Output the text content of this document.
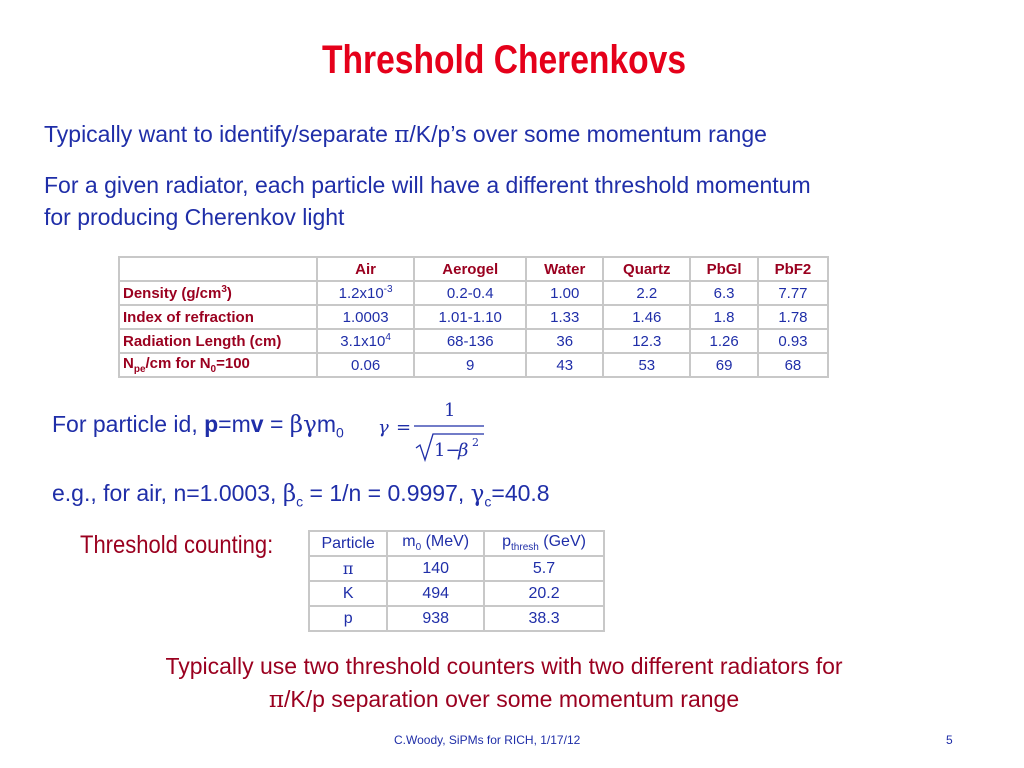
Threshold Cherenkovs
Typically want to identify/separate π/K/p’s over some momentum range
For a given radiator, each particle will have a different threshold momentum
for producing Cherenkov light
	Air	Aerogel	Water	Quartz	PbGl	PbF2
Density $(g/cm^3)$	$1.2x10^{-3}$	0.2-0.4	1.00	2.2	6.3	7.77
Index of refraction	1.0003	1.01-1.10	1.33	1.46	1.8	1.78
Radiation Length (cm)	$3.1x10^4$	68-136	36	12.3	1.26	0.93
$N_{pe}/cm$ for $N_0=100$	0.06	9	43	53	69	68
For particle id, p=mv = βγm$_0$ γ =
1
1−
β 2
e.g., for air, n=1.0003, $\beta_c = 1/n = 0.9997$, $\gamma_c=40.8$
Threshold counting:	Particle	$m_0$ (MeV)	$p_{thresh}$ (GeV)
π	140	5.7
K	494	20.2
p	938	38.3
Typically use two threshold counters with two different radiators for
π/K/p separation over some momentum range
C.Woody, SiPMs for RICH, 1/17/12	5
